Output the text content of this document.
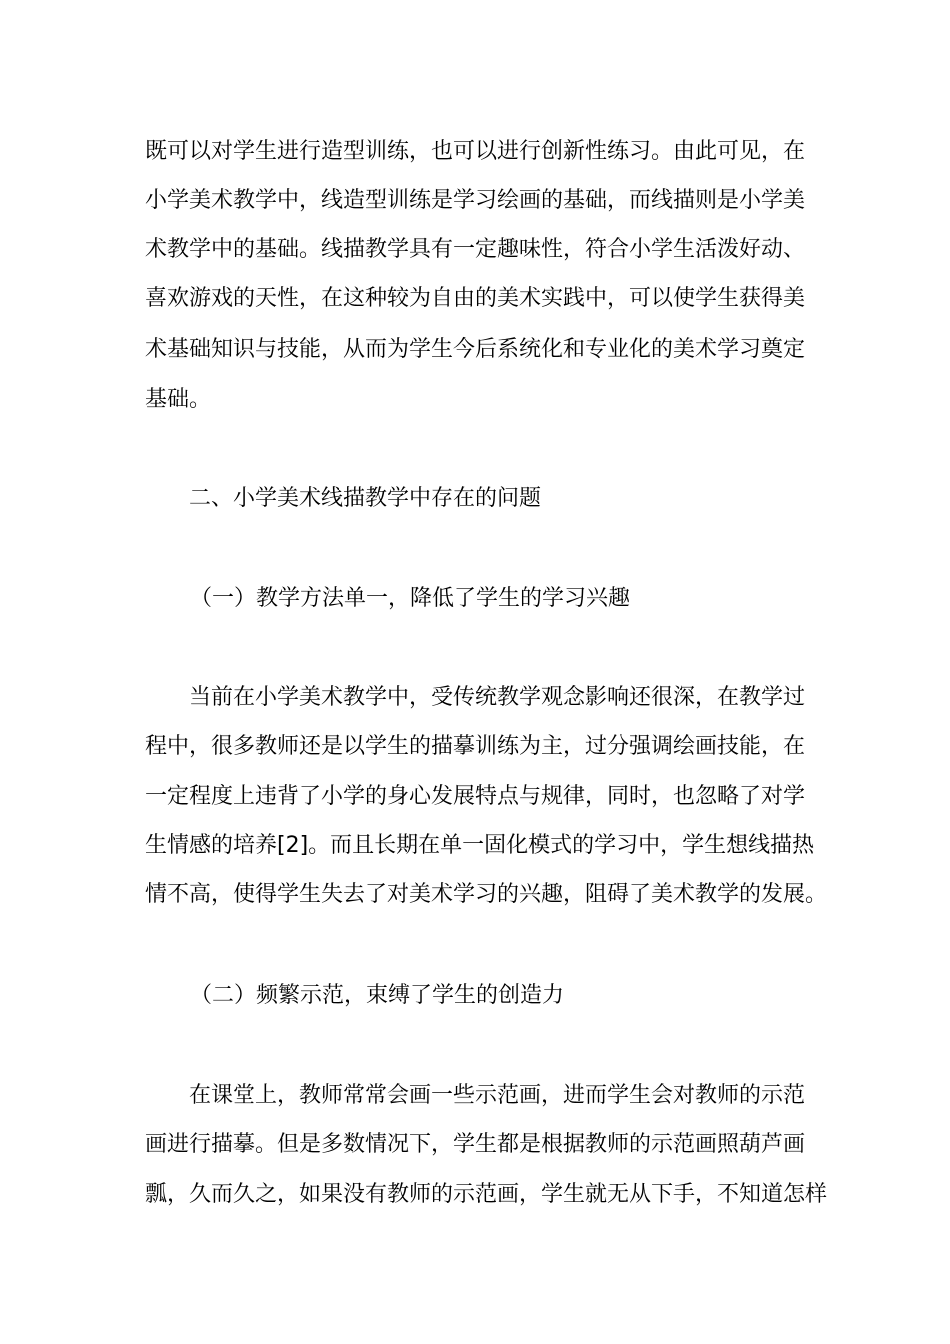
既可以对学生进行造型训练，也可以进行创新性练习。由此可见，在
小学美术教学中，线造型训练是学习绘画的基础，而线描则是小学美
术教学中的基础。线描教学具有一定趣味性，符合小学生活泼好动、
喜欢游戏的天性，在这种较为自由的美术实践中，可以使学生获得美
术基础知识与技能，从而为学生今后系统化和专业化的美术学习奠定
基础。
二、小学美术线描教学中存在的问题
（一）教学方法单一，降低了学生的学习兴趣
当前在小学美术教学中，受传统教学观念影响还很深，在教学过
程中，很多教师还是以学生的描摹训练为主，过分强调绘画技能，在
一定程度上违背了小学的身心发展特点与规律，同时，也忽略了对学
生情感的培养[2]。而且长期在单一固化模式的学习中，学生想线描热
情不高，使得学生失去了对美术学习的兴趣，阻碍了美术教学的发展。
（二）频繁示范，束缚了学生的创造力
在课堂上，教师常常会画一些示范画，进而学生会对教师的示范
画进行描摹。但是多数情况下，学生都是根据教师的示范画照葫芦画
瓢，久而久之，如果没有教师的示范画，学生就无从下手，不知道怎样
